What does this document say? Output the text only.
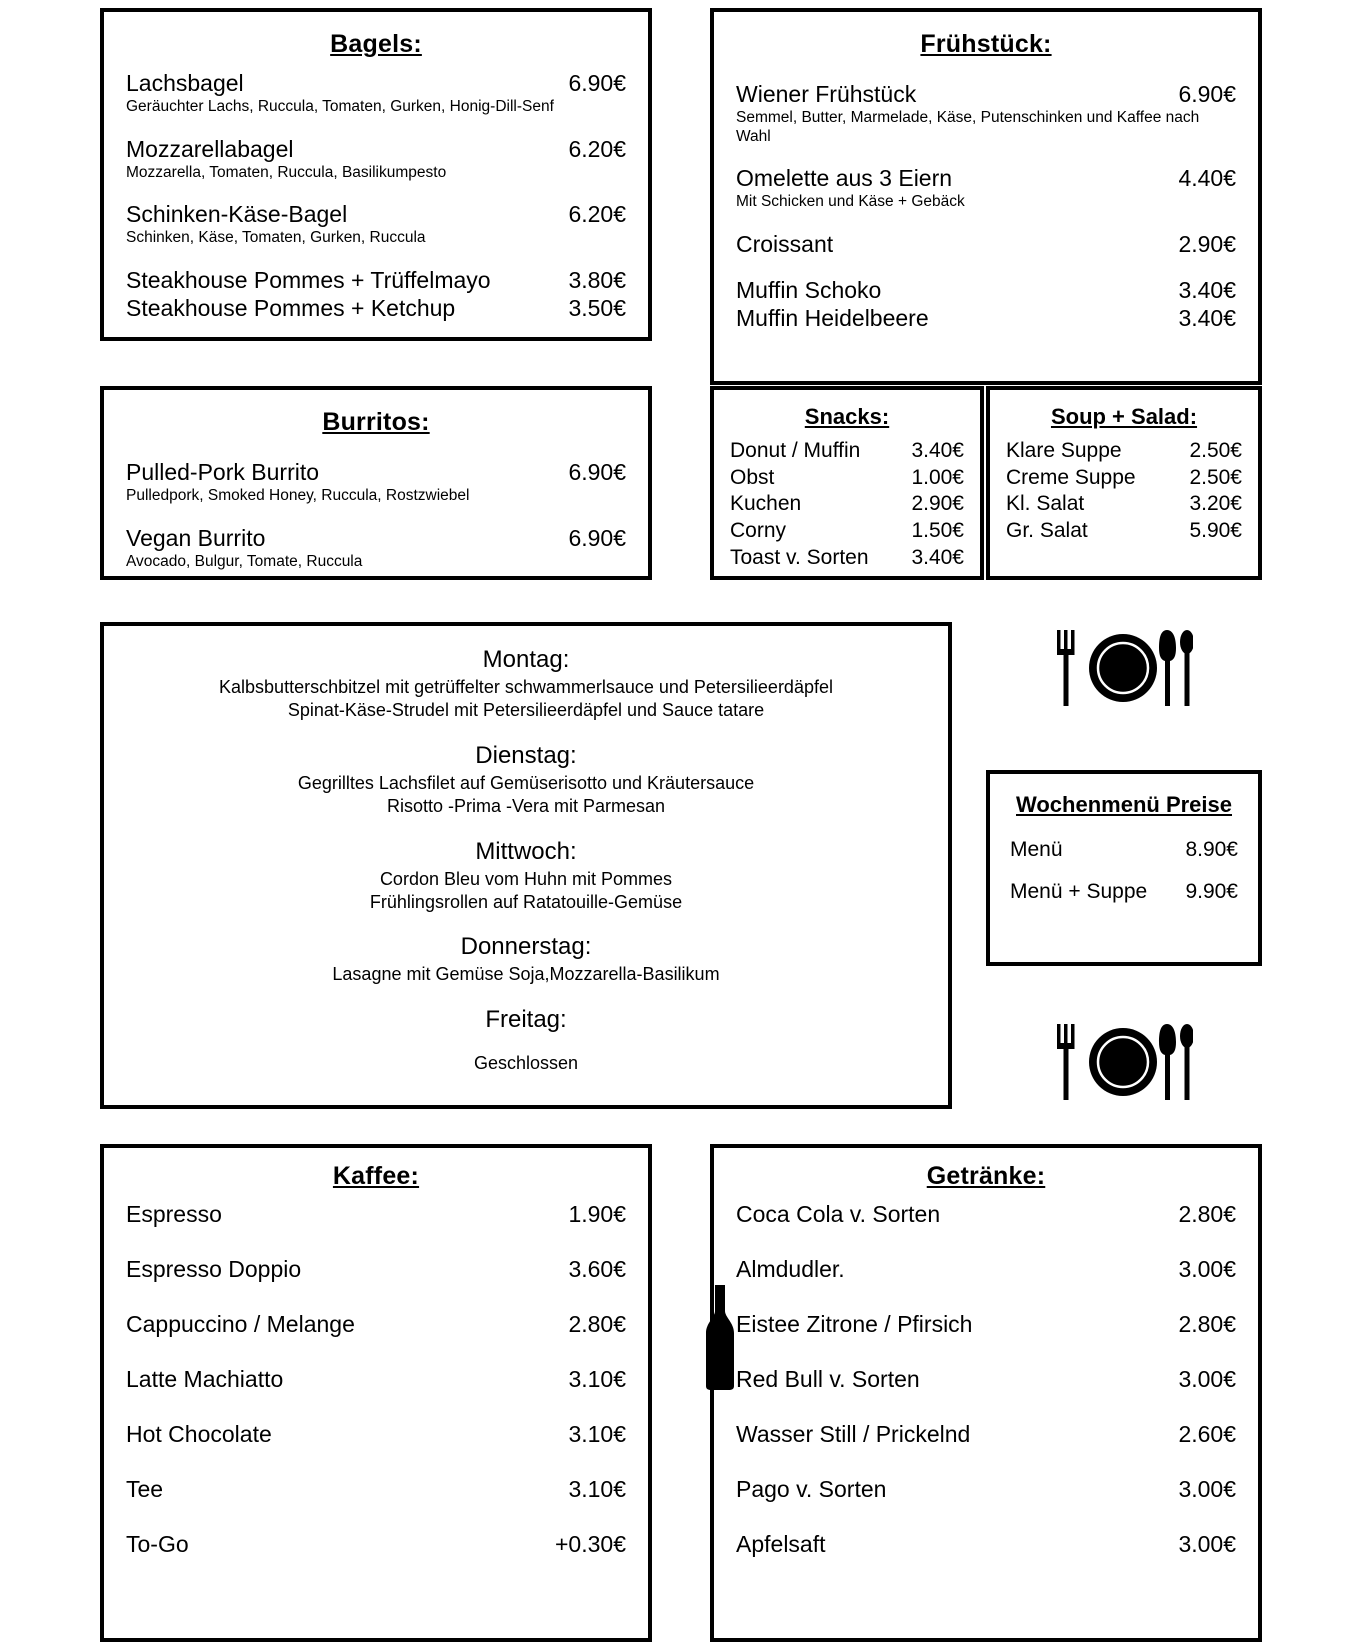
Bagels:
Lachsbagel	6.90€
Geräuchter Lachs, Ruccula, Tomaten, Gurken, Honig-Dill-Senf
Mozzarellabagel	6.20€
Mozzarella, Tomaten, Ruccula, Basilikumpesto
Schinken-Käse-Bagel	6.20€
Schinken, Käse, Tomaten, Gurken, Ruccula
Steakhouse Pommes + Trüffelmayo	3.80€
Steakhouse Pommes + Ketchup	3.50€
Burritos:
Pulled-Pork Burrito	6.90€
Pulledpork, Smoked Honey, Ruccula, Rostzwiebel
Vegan Burrito	6.90€
Avocado, Bulgur, Tomate, Ruccula
Frühstück:
Wiener Frühstück	6.90€
Semmel, Butter, Marmelade, Käse, Putenschinken und Kaffee nach Wahl
Omelette aus 3 Eiern	4.40€
Mit Schicken und Käse + Gebäck
Croissant	2.90€
Muffin Schoko	3.40€
Muffin Heidelbeere	3.40€
Snacks:
Donut / Muffin	3.40€
Obst	1.00€
Kuchen	2.90€
Corny	1.50€
Toast v. Sorten	3.40€
Soup + Salad:
Klare Suppe	2.50€
Creme Suppe	2.50€
Kl. Salat	3.20€
Gr. Salat	5.90€
Montag:
Kalbsbutterschbitzel mit getrüffelter schwammerlsauce und Petersilieerdäpfel
Spinat-Käse-Strudel mit Petersilieerdäpfel und Sauce tatare
Dienstag:
Gegrilltes Lachsfilet auf Gemüserisotto und Kräutersauce
Risotto -Prima -Vera mit Parmesan
Mittwoch:
Cordon Bleu vom Huhn mit Pommes
Frühlingsrollen auf Ratatouille-Gemüse
Donnerstag:
Lasagne mit Gemüse Soja,Mozzarella-Basilikum
Freitag:
Geschlossen
Wochenmenü Preise
Menü	8.90€
Menü + Suppe 9.90€
Kaffee:
Espresso	1.90€
Espresso Doppio	3.60€
Cappuccino / Melange	2.80€
Latte Machiatto	3.10€
Hot Chocolate	3.10€
Tee	3.10€
To-Go	+0.30€
Getränke:
Coca Cola v. Sorten	2.80€
Almdudler.	3.00€
Eistee Zitrone / Pfirsich	2.80€
Red Bull v. Sorten	3.00€
Wasser Still / Prickelnd	2.60€
Pago v. Sorten	3.00€
Apfelsaft	3.00€
